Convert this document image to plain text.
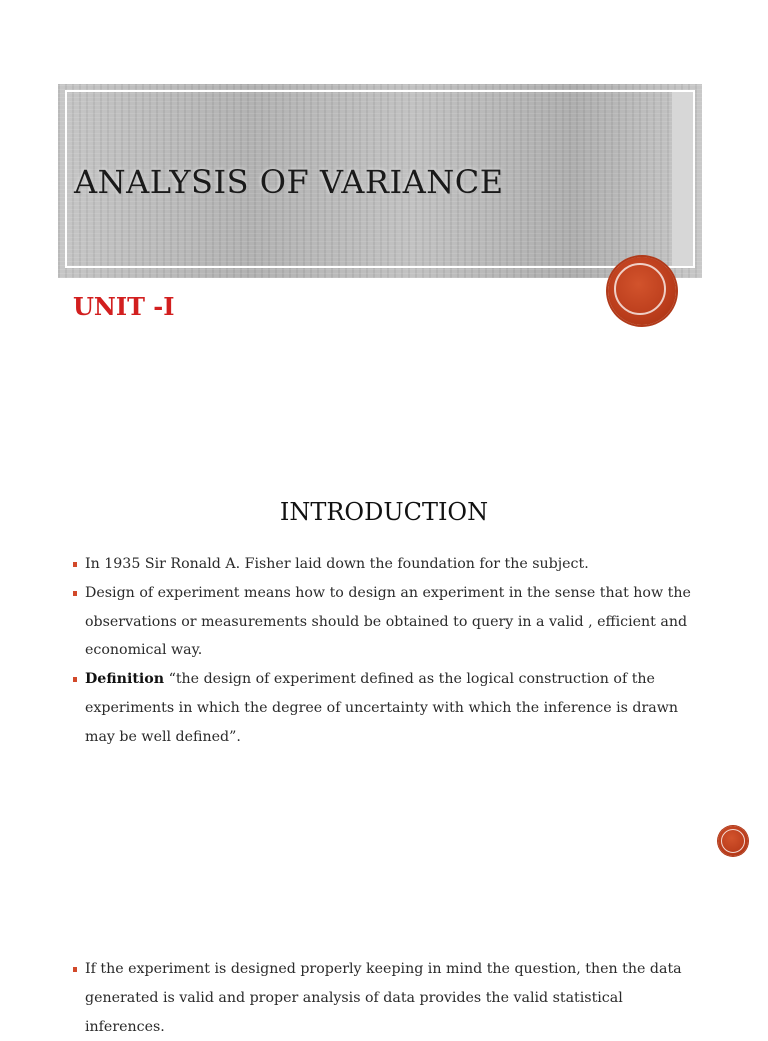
ANALYSIS OF VARIANCE
UNIT -I
INTRODUCTION
In 1935 Sir Ronald A. Fisher laid down the foundation for the subject.
Design of experiment means how to design an experiment in the sense that how the observations or measurements should be obtained to query in a valid , efficient and economical way.
Definition “the design of experiment defined as the logical construction of the experiments in which the degree of uncertainty with which the inference is drawn may be well defined”.
If the experiment is designed properly keeping in mind the question, then the data generated is valid and proper analysis of data provides the valid statistical inferences.
